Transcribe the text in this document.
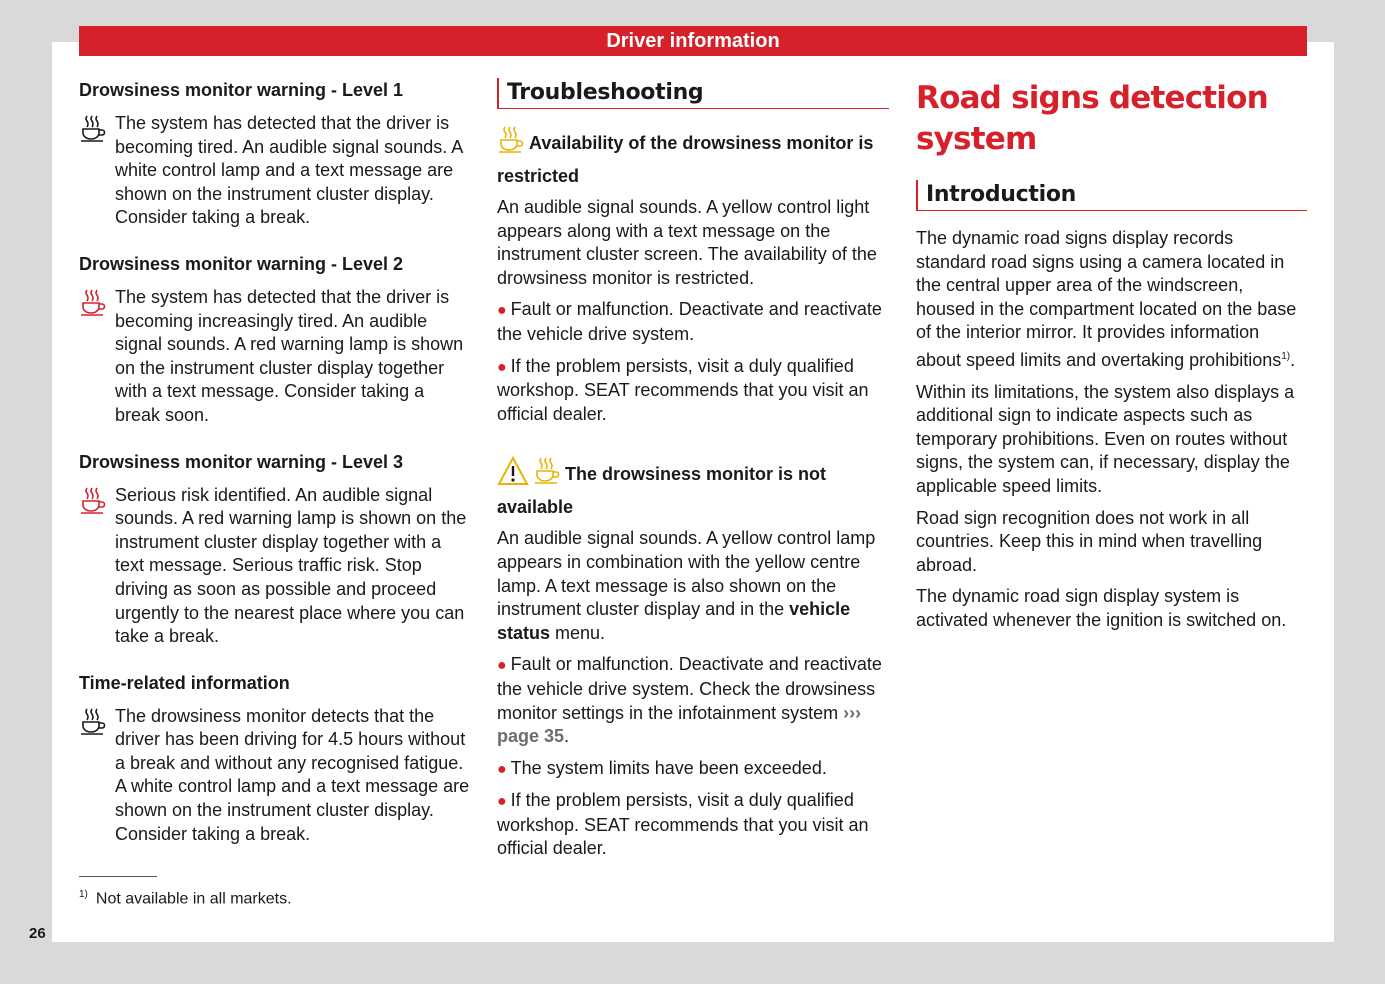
Driver information
Drowsiness monitor warning - Level 1
The system has detected that the driver is becoming tired. An audible signal sounds. A white control lamp and a text message are shown on the instrument cluster display. Consider taking a break.
Drowsiness monitor warning - Level 2
The system has detected that the driver is becoming increasingly tired. An audible signal sounds. A red warning lamp is shown on the instrument cluster display together with a text message. Consider taking a break soon.
Drowsiness monitor warning - Level 3
Serious risk identified. An audible signal sounds. A red warning lamp is shown on the instrument cluster display together with a text message. Serious traffic risk. Stop driving as soon as possible and proceed urgently to the nearest place where you can take a break.
Time-related information
The drowsiness monitor detects that the driver has been driving for 4.5 hours without a break and without any recognised fatigue. A white control lamp and a text message are shown on the instrument cluster display. Consider taking a break.
Troubleshooting
Availability of the drowsiness monitor is restricted

An audible signal sounds. A yellow control light appears along with a text message on the instrument cluster screen. The availability of the drowsiness monitor is restricted.

● Fault or malfunction. Deactivate and reactivate the vehicle drive system.
● If the problem persists, visit a duly qualified workshop. SEAT recommends that you visit an official dealer.
The drowsiness monitor is not available

An audible signal sounds. A yellow control lamp appears in combination with the yellow centre lamp. A text message is also shown on the instrument cluster display and in the vehicle status menu.

● Fault or malfunction. Deactivate and reactivate the vehicle drive system. Check the drowsiness monitor settings in the infotainment system ››› page 35.
● The system limits have been exceeded.
● If the problem persists, visit a duly qualified workshop. SEAT recommends that you visit an official dealer.
Road signs detection system
Introduction

The dynamic road signs display records standard road signs using a camera located in the central upper area of the windscreen, housed in the compartment located on the base of the interior mirror. It provides information about speed limits and overtaking prohibitions$^{1)}$.

Within its limitations, the system also displays a additional sign to indicate aspects such as temporary prohibitions. Even on routes without signs, the system can, if necessary, display the applicable speed limits.

Road sign recognition does not work in all countries. Keep this in mind when travelling abroad.

The dynamic road sign display system is activated whenever the ignition is switched on.

$^{1)}$ Not available in all markets.
26
